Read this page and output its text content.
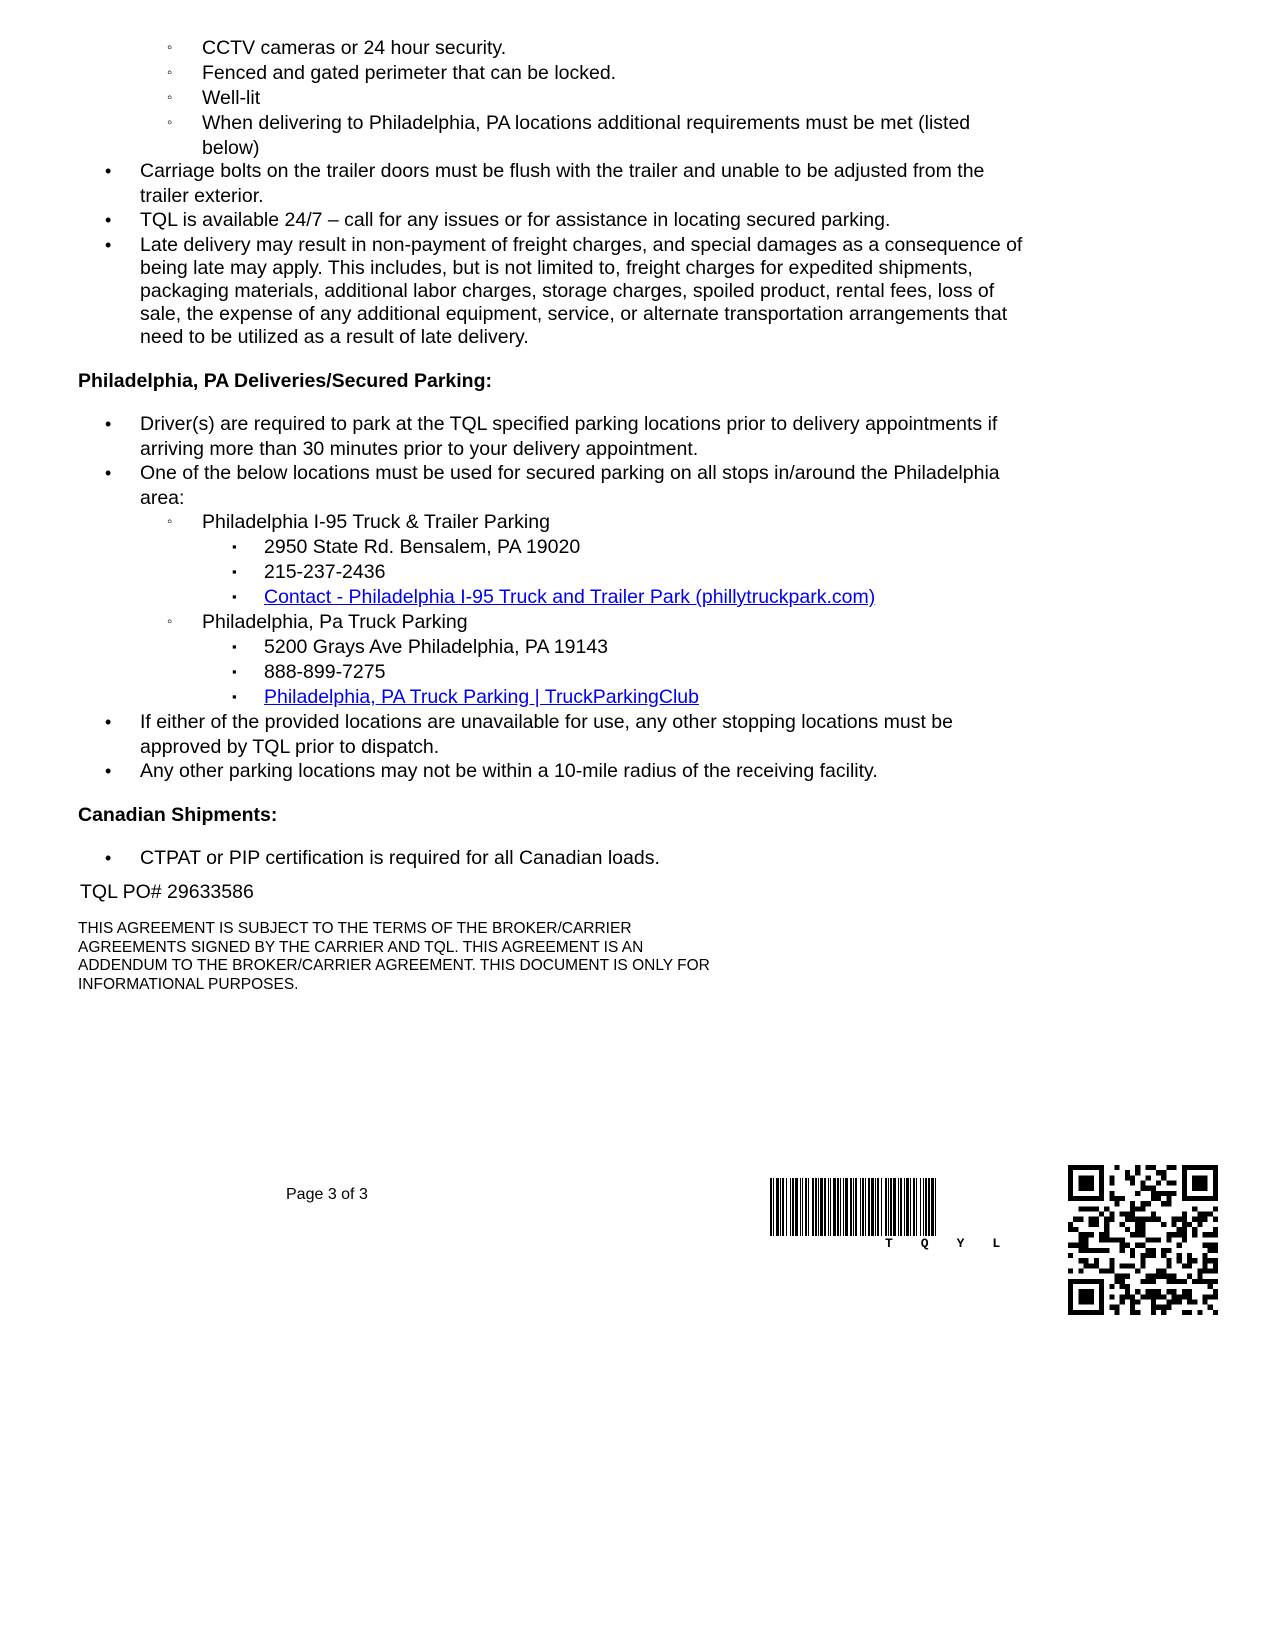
◦ CCTV cameras or 24 hour security.
◦ Fenced and gated perimeter that can be locked.
◦ Well-lit
◦ When delivering to Philadelphia, PA locations additional requirements must be met (listed
below)
• Carriage bolts on the trailer doors must be flush with the trailer and unable to be adjusted from the
trailer exterior.
• TQL is available 24/7 – call for any issues or for assistance in locating secured parking.
• Late delivery may result in non-payment of freight charges, and special damages as a consequence of
being late may apply. This includes, but is not limited to, freight charges for expedited shipments,
packaging materials, additional labor charges, storage charges, spoiled product, rental fees, loss of
sale, the expense of any additional equipment, service, or alternate transportation arrangements that
need to be utilized as a result of late delivery.
Philadelphia, PA Deliveries/Secured Parking:
• Driver(s) are required to park at the TQL specified parking locations prior to delivery appointments if
arriving more than 30 minutes prior to your delivery appointment.
• One of the below locations must be used for secured parking on all stops in/around the Philadelphia
area:
◦ Philadelphia I-95 Truck & Trailer Parking
▪ 2950 State Rd. Bensalem, PA 19020
▪ 215-237-2436
▪ Contact - Philadelphia I-95 Truck and Trailer Park (phillytruckpark.com)
◦ Philadelphia, Pa Truck Parking
▪ 5200 Grays Ave Philadelphia, PA 19143
▪ 888-899-7275
▪ Philadelphia, PA Truck Parking | TruckParkingClub
• If either of the provided locations are unavailable for use, any other stopping locations must be
approved by TQL prior to dispatch.
• Any other parking locations may not be within a 10-mile radius of the receiving facility.
Canadian Shipments:
• CTPAT or PIP certification is required for all Canadian loads.
TQL PO# 29633586
THIS AGREEMENT IS SUBJECT TO THE TERMS OF THE BROKER/CARRIER
AGREEMENTS SIGNED BY THE CARRIER AND TQL. THIS AGREEMENT IS AN
ADDENDUM TO THE BROKER/CARRIER AGREEMENT. THIS DOCUMENT IS ONLY FOR
INFORMATIONAL PURPOSES.
Page 3 of 3
TQYL
